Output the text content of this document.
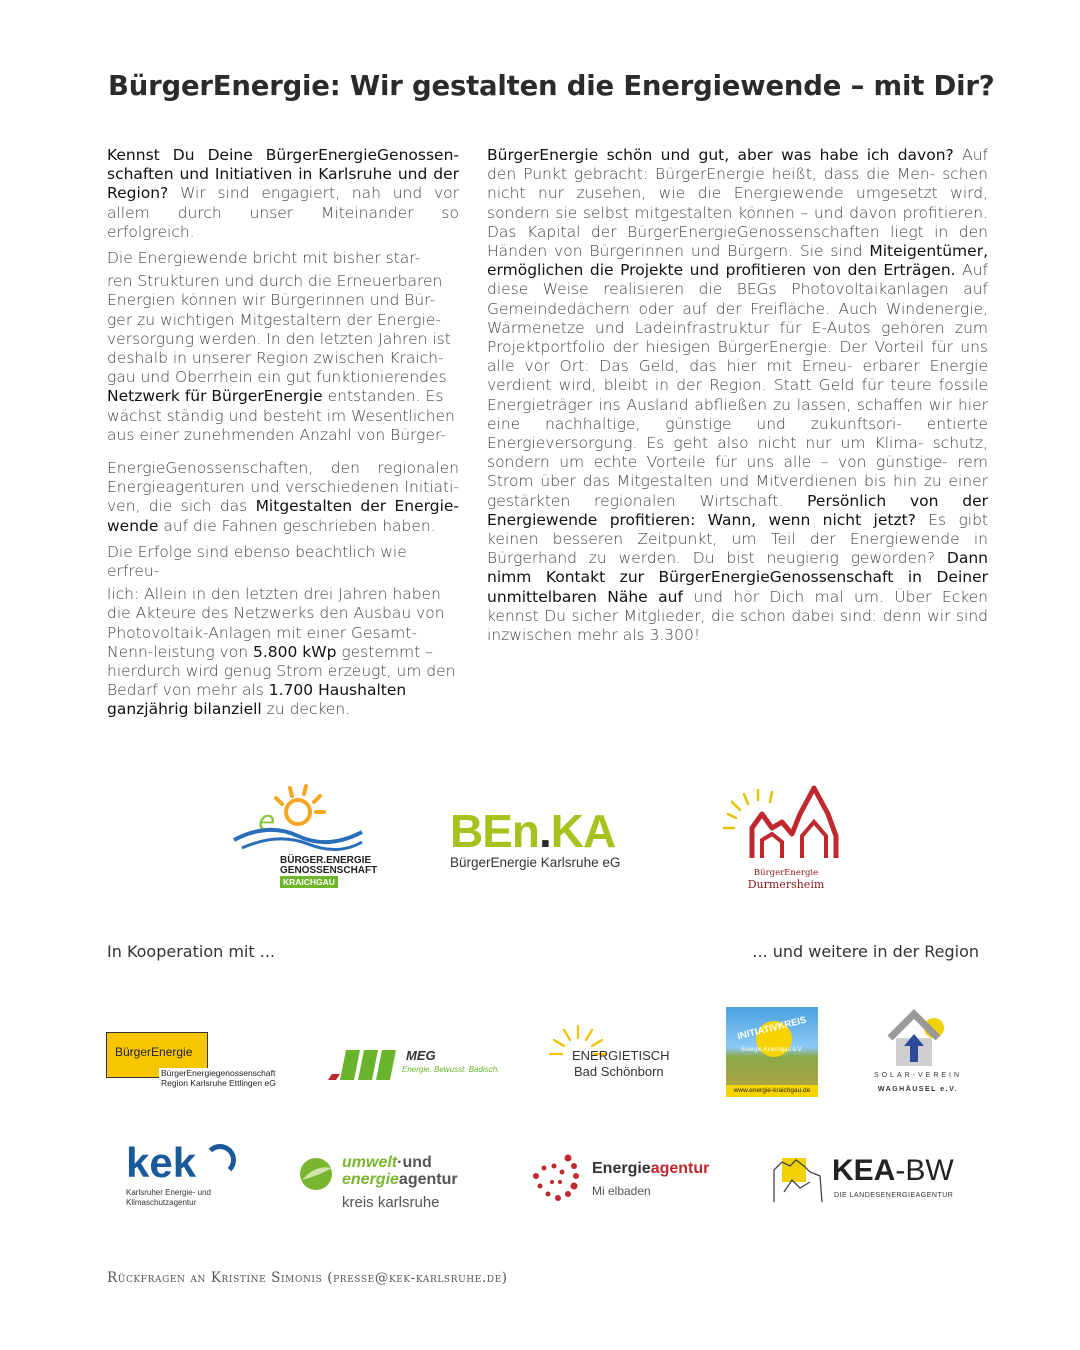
BürgerEnergie: Wir gestalten die Energiewende – mit Dir?

Kennst Du Deine BürgerEnergieGenossenschaften und Initiativen in Karlsruhe und der Region? Wir sind engagiert, nah und vor allem durch unser Miteinander so erfolgreich.

Die Energiewende bricht mit bisher star-

ren Strukturen und durch die Erneuerbaren Energien können wir Bürgerinnen und Bür-ger zu wichtigen Mitgestaltern der Energie-versorgung werden. In den letzten Jahren ist deshalb in unserer Region zwischen Kraich-gau und Oberrhein ein gut funktionierendes Netzwerk für BürgerEnergie entstanden. Es wächst ständig und besteht im Wesentlichen aus einer zunehmenden Anzahl von Bürger-

EnergieGenossenschaften, den regionalen Energieagenturen und verschiedenen Initiati-ven, die sich das Mitgestalten der Energie-wende auf die Fahnen geschrieben haben.

Die Erfolge sind ebenso beachtlich wie erfreu-

lich: Allein in den letzten drei Jahren haben die Akteure des Netzwerks den Ausbau von Photovoltaik-Anlagen mit einer Gesamt-Nenn-leistung von 5.800 kWp gestemmt – hierdurch wird genug Strom erzeugt, um den Bedarf von mehr als 1.700 Haushalten ganzjährig bilanziell zu decken.

BürgerEnergie schön und gut, aber was habe ich davon? Auf den Punkt gebracht: BürgerEnergie heißt, dass die Men- schen nicht nur zusehen, wie die Energiewende umgesetzt wird, sondern sie selbst mitgestalten können – und davon profitieren. Das Kapital der BürgerEnergieGenossenschaften liegt in den Händen von Bürgerinnen und Bürgern. Sie sind Miteigentümer, ermöglichen die Projekte und profitieren von den Erträgen. Auf diese Weise realisieren die BEGs Photovoltaikanlagen auf Gemeindedächern oder auf der Freifläche. Auch Windenergie, Wärmenetze und Ladeinfrastruktur für E-Autos gehören zum Projektportfolio der hiesigen BürgerEnergie. Der Vorteil für uns alle vor Ort: Das Geld, das hier mit Erneu- erbarer Energie verdient wird, bleibt in der Region. Statt Geld für teure fossile Energieträger ins Ausland abfließen zu lassen, schaffen wir hier eine nachhaltige, günstige und zukunftsori- entierte Energieversorgung. Es geht also nicht nur um Klima- schutz, sondern um echte Vorteile für uns alle – von günstige- rem Strom über das Mitgestalten und Mitverdienen bis hin zu einer gestärkten regionalen Wirtschaft. Persönlich von der Energiewende profitieren: Wann, wenn nicht jetzt? Es gibt keinen besseren Zeitpunkt, um Teil der Energiewende in Bürgerhand zu werden. Du bist neugierig geworden? Dann nimm Kontakt zur BürgerEnergieGenossenschaft in Deiner unmittelbaren Nähe auf und hör Dich mal um. Über Ecken kennst Du sicher Mitglieder, die schon dabei sind: denn wir sind inzwischen mehr als 3.300!

e
BÜRGER.ENERGIE
GENOSSENSCHAFT
KRAICHGAU
BEn.KA
BürgerEnergie Karlsruhe eG
BürgerEnergie
Durmersheim
In Kooperation mit ...	... und weitere in der Region
BürgerEnergie
BürgerEnergiegenossenschaft
Region Karlsruhe Ettlingen eG
MEG
Energie. Bewusst. Badisch.
ENERGIETISCH
Bad Schönborn
INITIATIVKREIS
Energie Kraichgau e.V.
www.energie-kraichgau.de
SOLAR-VEREIN
WAGHÄUSEL e.V.
kek
Karlsruher Energie- und
Klimaschutzagentur
umwelt·und
energieagentur
kreis karlsruhe
Energieagentur
Mi elbaden
KEA-BW
DIE LANDESENERGIEAGENTUR
Rückfragen an Kristine Simonis (presse@kek-karlsruhe.de)
